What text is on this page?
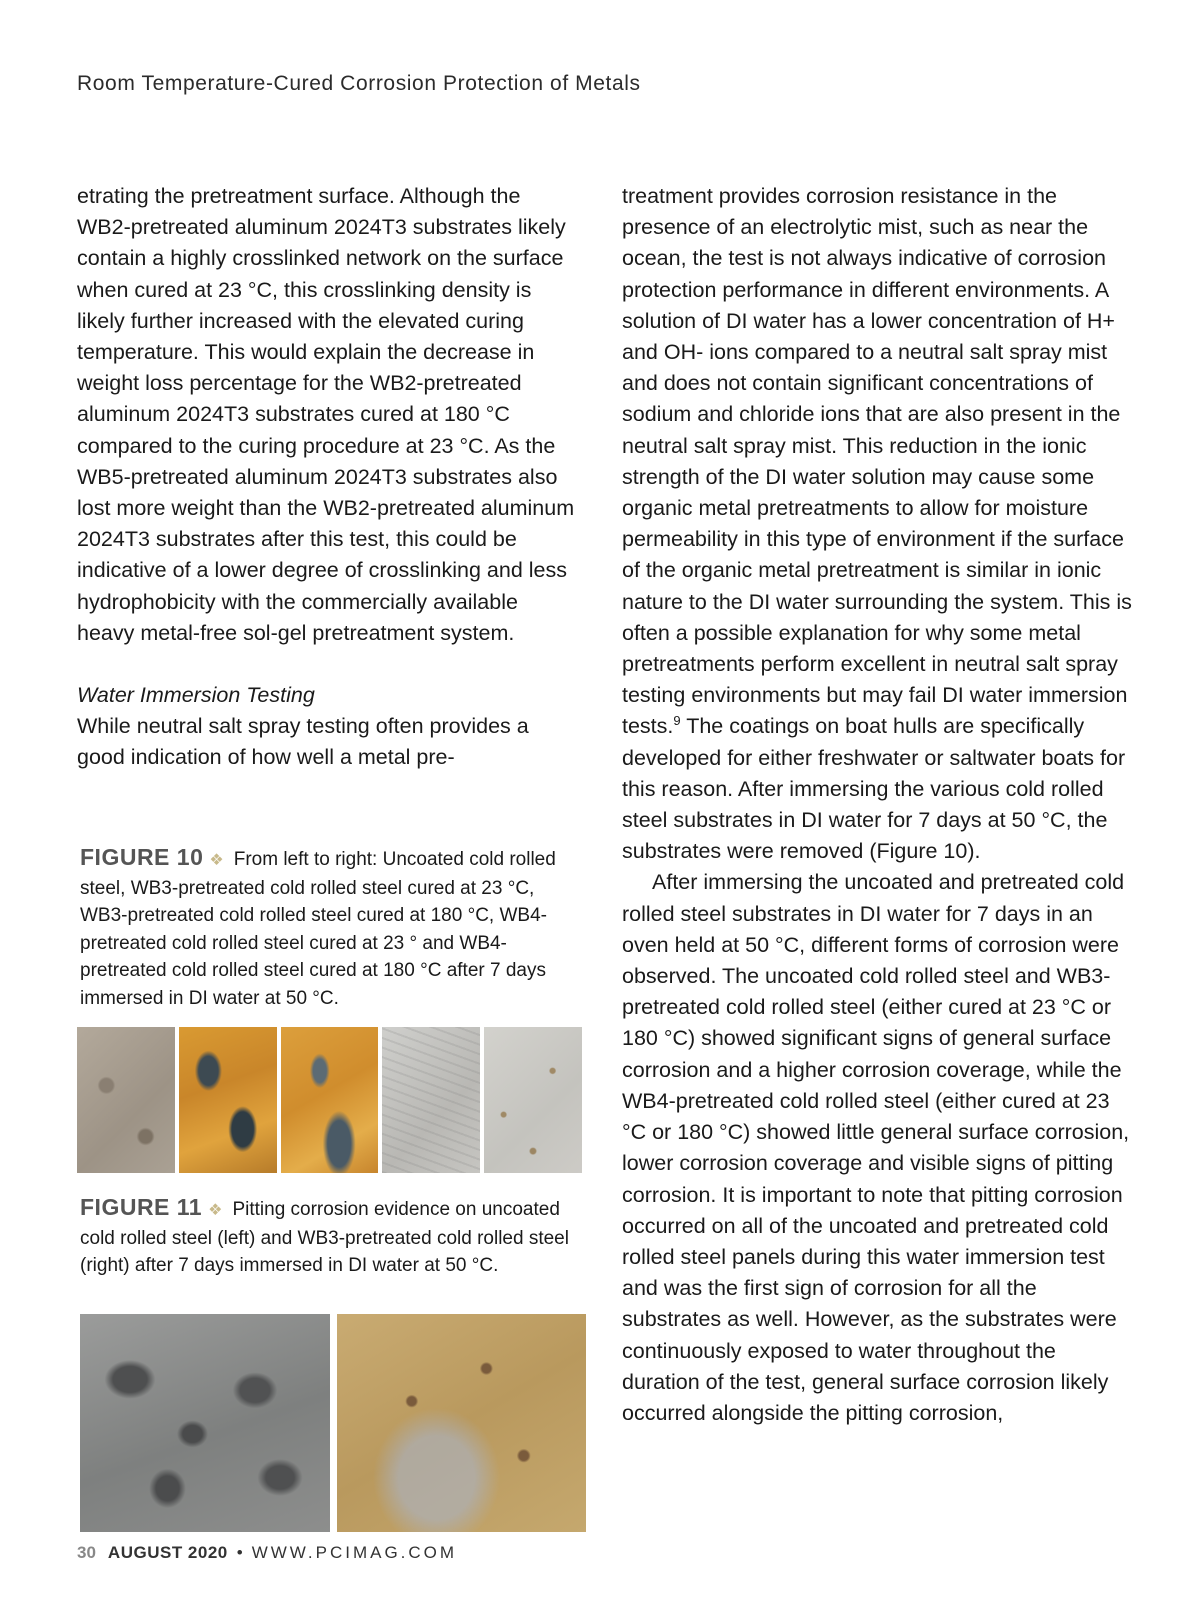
Room Temperature-Cured Corrosion Protection of Metals

etrating the pretreatment surface. Although the WB2-pretreated aluminum 2024T3 substrates likely contain a highly crosslinked network on the surface when cured at 23 °C, this crosslinking density is likely further increased with the elevated curing temperature. This would explain the decrease in weight loss percentage for the WB2-pretreated aluminum 2024T3 substrates cured at 180 °C compared to the curing procedure at 23 °C. As the WB5-pretreated aluminum 2024T3 substrates also lost more weight than the WB2-pretreated aluminum 2024T3 substrates after this test, this could be indicative of a lower degree of crosslinking and less hydrophobicity with the commercially available heavy metal-free sol-gel pretreatment system.

Water Immersion Testing

While neutral salt spray testing often provides a good indication of how well a metal pre-

FIGURE 10 ❖ From left to right: Uncoated cold rolled steel, WB3-pretreated cold rolled steel cured at 23 °C, WB3-pretreated cold rolled steel cured at 180 °C, WB4-pretreated cold rolled steel cured at 23 ° and WB4-pretreated cold rolled steel cured at 180 °C after 7 days immersed in DI water at 50 °C.
FIGURE 11 ❖ Pitting corrosion evidence on uncoated cold rolled steel (left) and WB3-pretreated cold rolled steel (right) after 7 days immersed in DI water at 50 °C.

treatment provides corrosion resistance in the presence of an electrolytic mist, such as near the ocean, the test is not always indicative of corrosion protection performance in different environments. A solution of DI water has a lower concentration of H+ and OH- ions compared to a neutral salt spray mist and does not contain significant concentrations of sodium and chloride ions that are also present in the neutral salt spray mist. This reduction in the ionic strength of the DI water solution may cause some organic metal pretreatments to allow for moisture permeability in this type of environment if the surface of the organic metal pretreatment is similar in ionic nature to the DI water surrounding the system. This is often a possible explanation for why some metal pretreatments perform excellent in neutral salt spray testing environments but may fail DI water immersion tests.$^9$ The coatings on boat hulls are specifically developed for either freshwater or saltwater boats for this reason. After immersing the various cold rolled steel substrates in DI water for 7 days at 50 °C, the substrates were removed (Figure 10).

After immersing the uncoated and pretreated cold rolled steel substrates in DI water for 7 days in an oven held at 50 °C, different forms of corrosion were observed. The uncoated cold rolled steel and WB3-pretreated cold rolled steel (either cured at 23 °C or 180 °C) showed significant signs of general surface corrosion and a higher corrosion coverage, while the WB4-pretreated cold rolled steel (either cured at 23 °C or 180 °C) showed little general surface corrosion, lower corrosion coverage and visible signs of pitting corrosion. It is important to note that pitting corrosion occurred on all of the uncoated and pretreated cold rolled steel panels during this water immersion test and was the first sign of corrosion for all the substrates as well. However, as the substrates were continuously exposed to water throughout the duration of the test, general surface corrosion likely occurred alongside the pitting corrosion,

30 AUGUST 2020 • WWW.PCIMAG.COM
